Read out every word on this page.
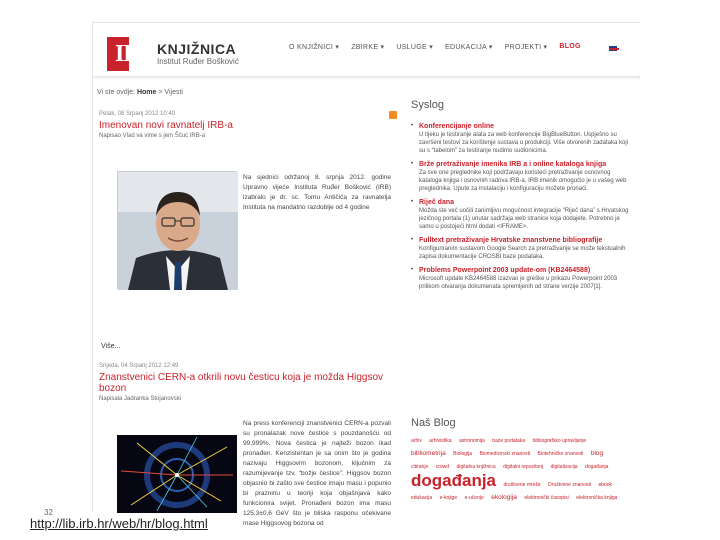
IRB KNJIŽNICA
Institut Ruđer Bošković
O KNJIŽNICI ▾	ZBIRKE ▾	USLUGE ▾	EDUKACIJA ▾	PROJEKTI ▾	BLOG
Vi ste ovdje: Home > Vijesti
Petak, 08 Srpanj 2012 10:40
Imenovan novi ravnatelj IRB-a
Napisao Vlad va vime s jem Ščuć IRB-a
Na sjednici održanoj 8. srpnja 2012. godine Upravno vijeće Instituta Ruđer Bošković (IRB) izabralo je dr. sc. Tomu Antičića za ravnatelja Instituta na mandatno razdoblje od 4 godine
Više...
Srijeda, 04 Srpanj 2012 12:49
Znanstvenici CERN-a otkrili novu česticu koja je možda Higgsov bozon
Napisala Jadranka Stojanovski
Na press konferenciji znanstvenici CERN-a pozvali su pronalazak nove čestice s pouzdanošću od 99,999%. Nova čestica je najteži bozon ikad pronađen. Kenzistentan je sa onim što je godina nazivaju Higgsovim bozonom, ključnim za razumijevanje tzv. “božje čestice”. Higgsov bozon objasnio bi zašto sve čestice imaju masu i popunio bi prazninu u teoriji koja objašnjava kako funkcionira svijet. Pronađeni bozon ima masu 125,3±0,6 GeV što je bliska rasponu očekivane mase Higgsovog bozona od
Syslog
• Konferencijanje online
U tijeku je testiranje alata za web konferencije BigBlueButton. Uspješno su završeni testovi za korištenje sustava u produkciji. Više otvorenih zadataka koji su s “tabelom” za testiranje nudimo sudionicima.
• Brže pretraživanje imenika IRB a i online kataloga knjiga
Za sve one preglednike koji podržavaju koristeći pretraživanje osnovnog kataloga knjiga i osnovnih radova IRB-a, IRB imenik omogućio je u vašeg web preglednika. Upute za instalaciju i konfiguraciju možete pronaći.
• Riječ dana
Možda ste već uočili zanimljivu mogućnost integracije “Riječ dana” s Hrvatskog jezičnog portala (1) unutar sadržaja web stranice koja dodajete. Potrebno je samo u postojeći html dodati <IFRAME>.
• Fulltext pretraživanje Hrvatske znanstvene bibliografije
Konfiguriranim sustavom Google Search za pretraživanje se može tekstualnih zapisa dokumentacije CROSBI baze podataka.
• Problems Powerpoint 2003 update-om (KB2464588)
Microsoft update KB2464588 izazvao je greške u prikazu Powerpoint 2003 prilikom otvaranja dokumenata spremljenih od strane verzije 2007[1].
Naš Blog
arhiv arhivistika astronomija baze podataka bibliografsko upravljanje
bibliometrija Biologija Biomedicinski znanosti Biotehničke znanosti blog
citiranje crowd digitalna knjižnica digitalni repozitorij digitalizacija događanja
događanja društvene mreže Društvene znanosti ebook
edukacija e-knjige e-učenje ekologija elektronički časopisi elektronička knjiga
32
http://lib.irb.hr/web/hr/blog.html
